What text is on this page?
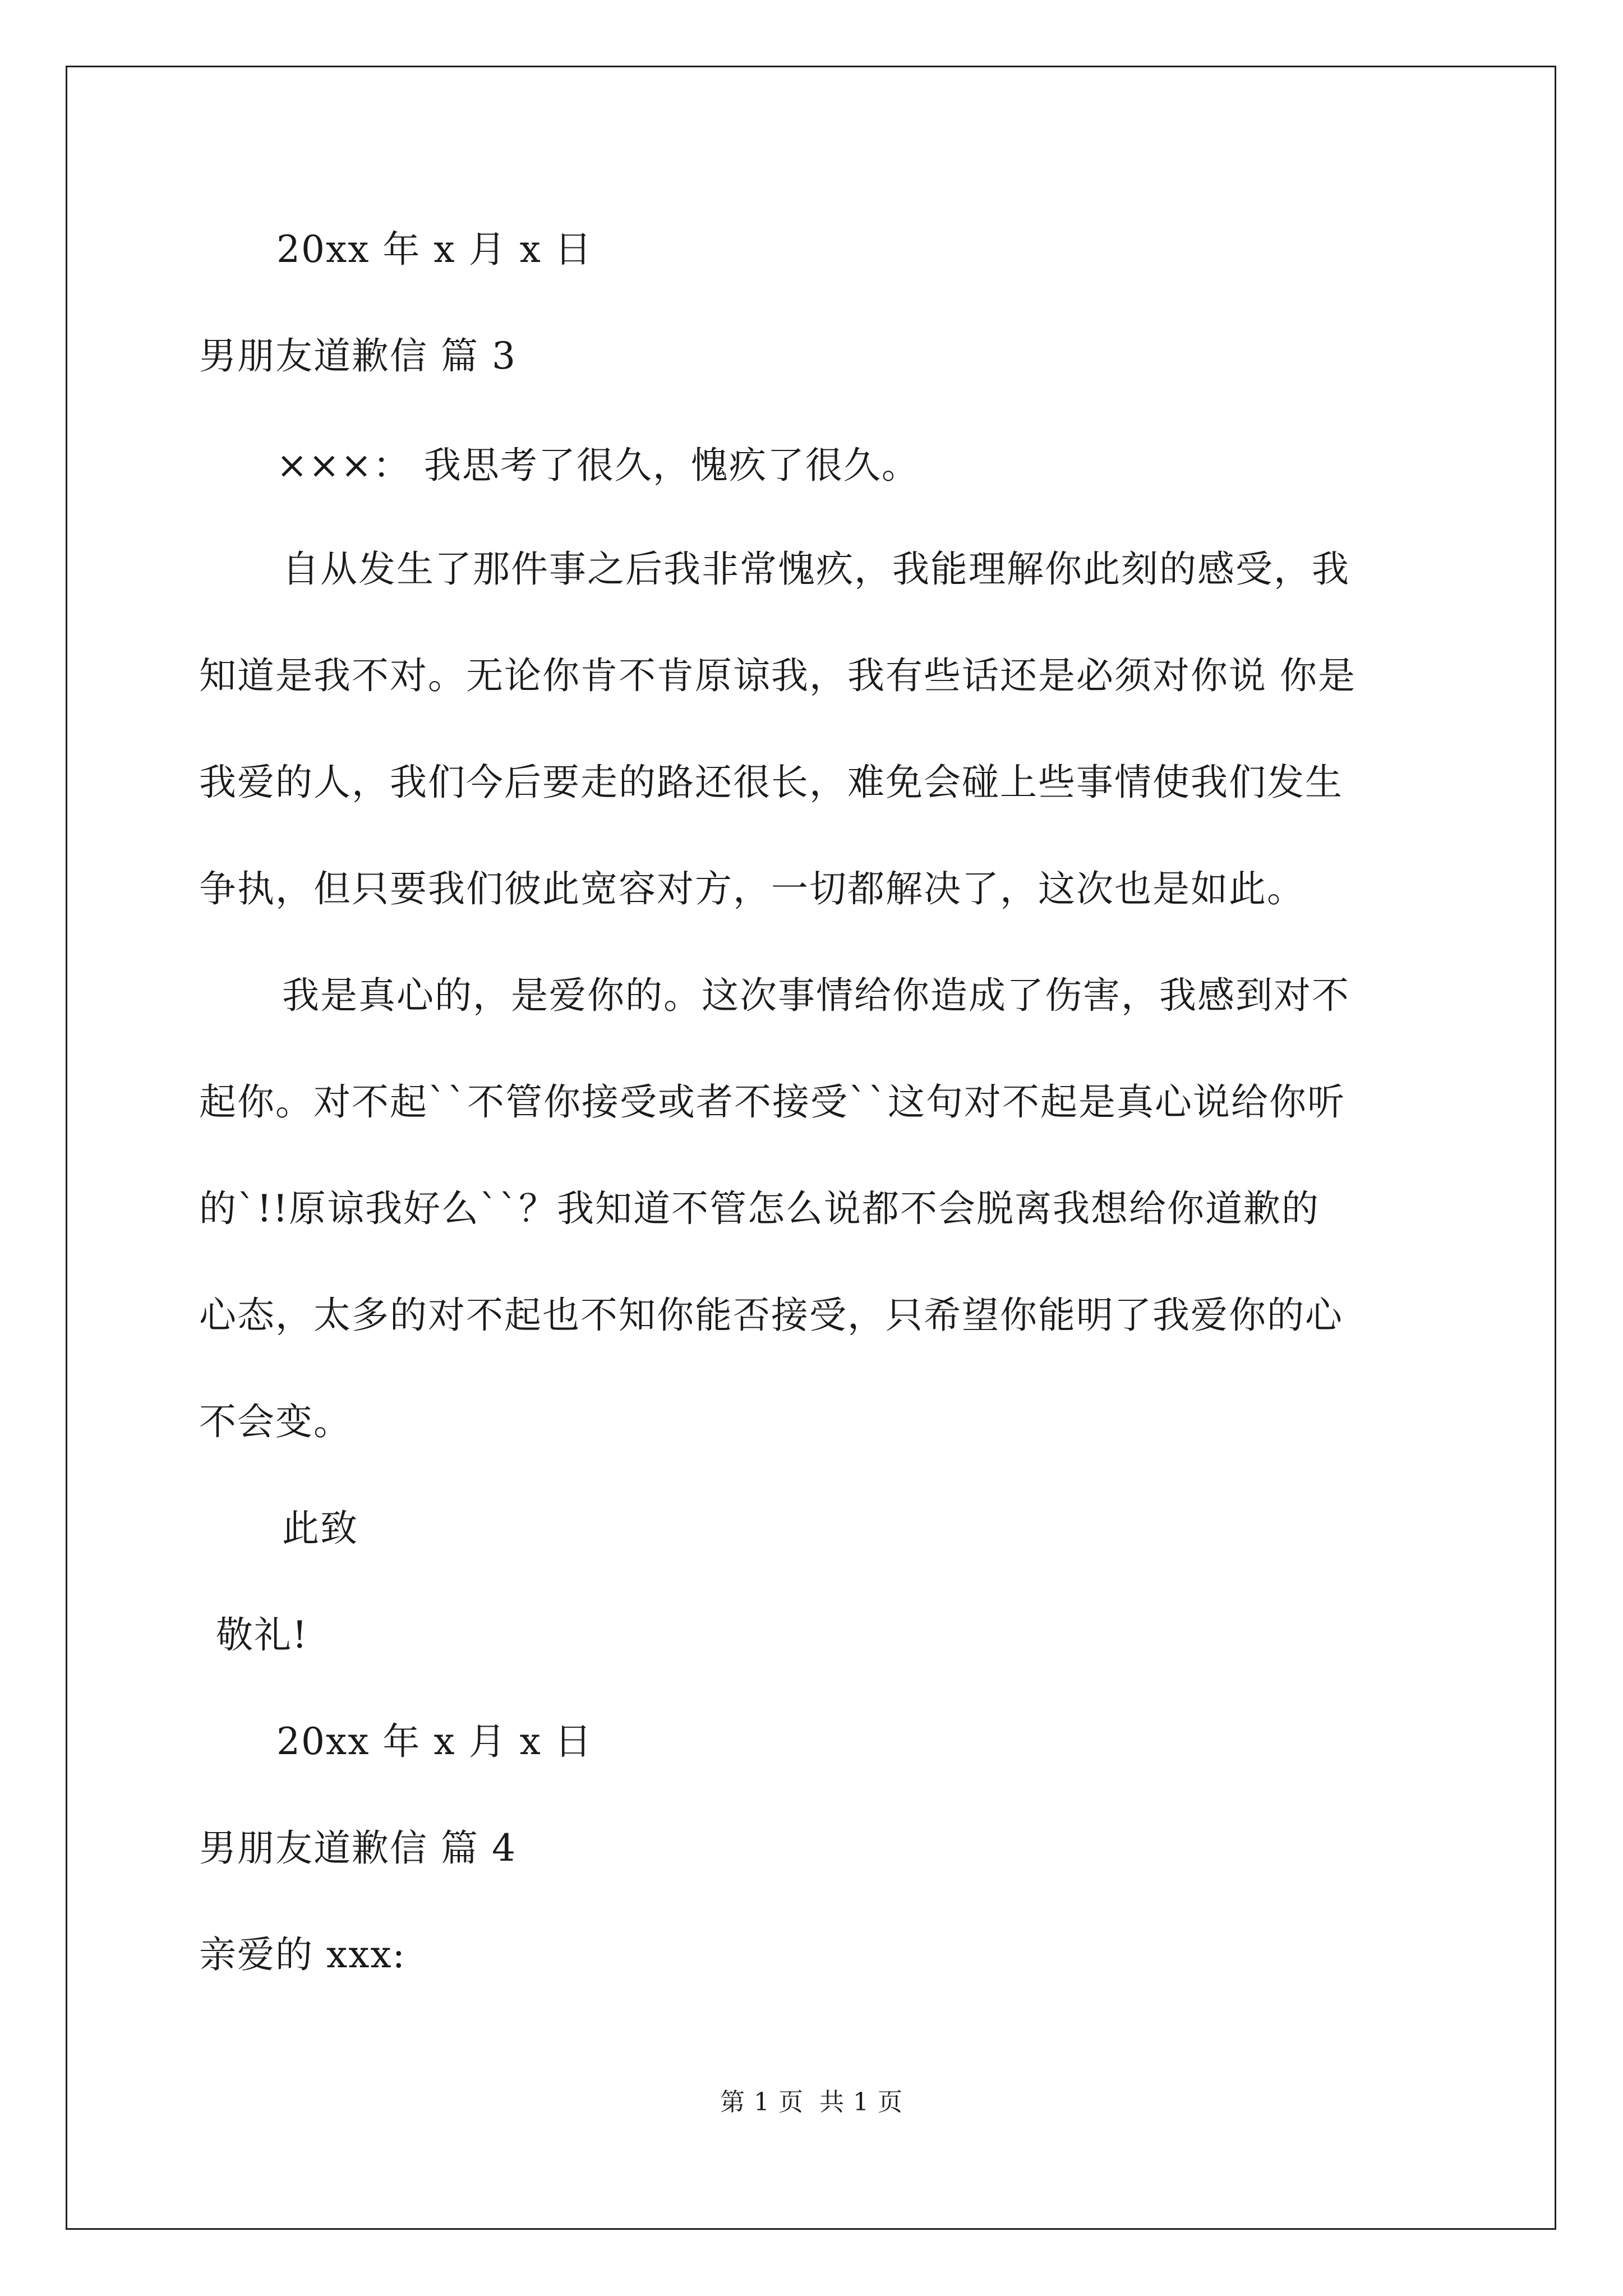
20xx 年 x 月 x 日
男朋友道歉信 篇 3
×××： 我思考了很久，愧疚了很久。
自从发生了那件事之后我非常愧疚，我能理解你此刻的感受，我
知道是我不对。无论你肯不肯原谅我，我有些话还是必须对你说 你是
我爱的人，我们今后要走的路还很长，难免会碰上些事情使我们发生
争执，但只要我们彼此宽容对方，一切都解决了，这次也是如此。
我是真心的，是爱你的。这次事情给你造成了伤害，我感到对不
起你。对不起``不管你接受或者不接受``这句对不起是真心说给你听
的`!!原谅我好么``？我知道不管怎么说都不会脱离我想给你道歉的
心态，太多的对不起也不知你能否接受，只希望你能明了我爱你的心
不会变。
此致
敬礼!
20xx 年 x 月 x 日
男朋友道歉信 篇 4
亲爱的 xxx:
第 1 页 共 1 页
